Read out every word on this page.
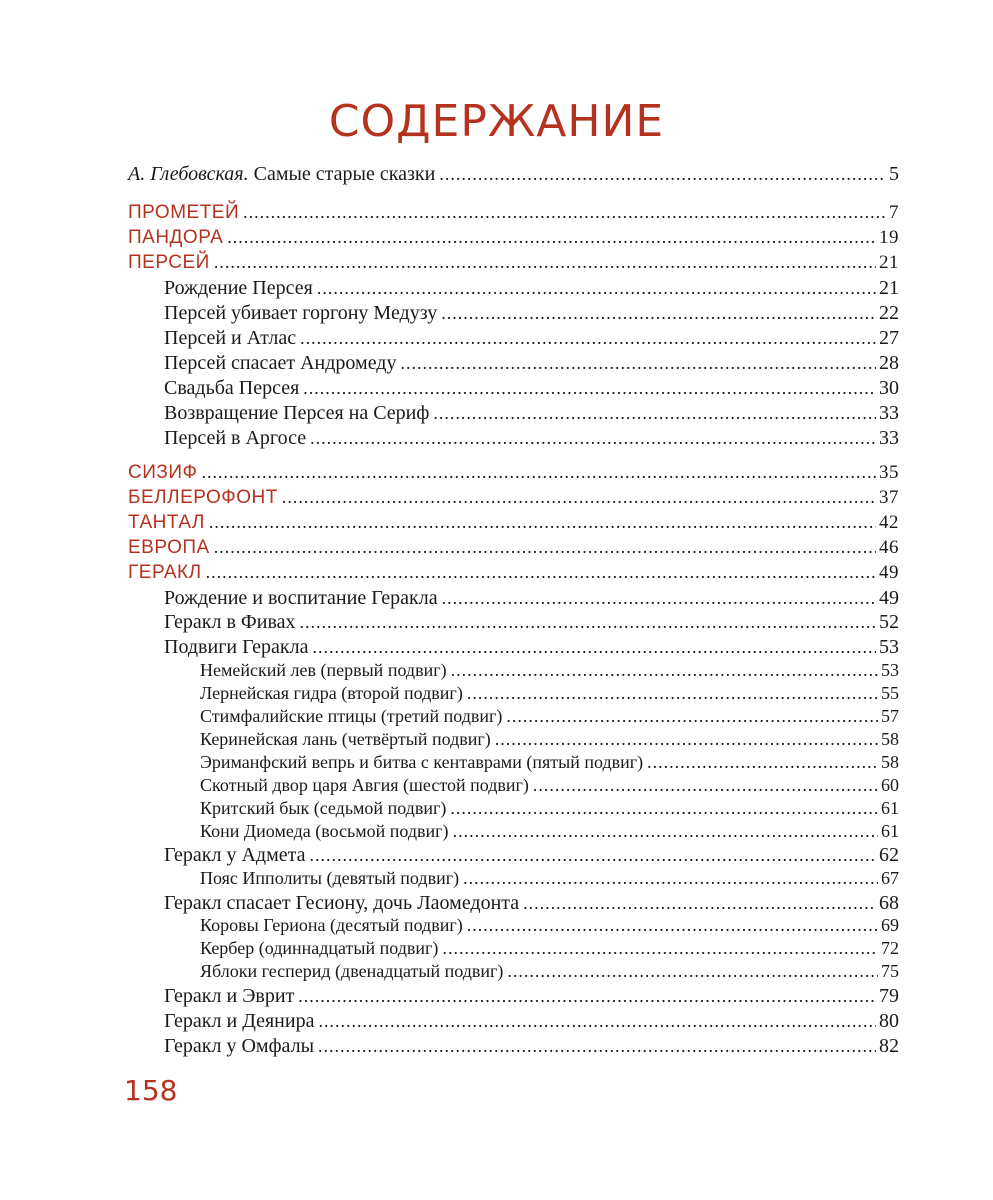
СОДЕРЖАНИЕ
А. Глебовская. Самые старые сказки .....	5
ПРОМЕТЕЙ .....	7
ПАНДОРА .....	19
ПЕРСЕЙ .....	21
Рождение Персея .....	21
Персей убивает горгону Медузу .....	22
Персей и Атлас .....	27
Персей спасает Андромеду .....	28
Свадьба Персея .....	30
Возвращение Персея на Сериф .....	33
Персей в Аргосе .....	33
СИЗИФ .....	35
БЕЛЛЕРОФОНТ .....	37
ТАНТАЛ .....	42
ЕВРОПА .....	46
ГЕРАКЛ .....	49
Рождение и воспитание Геракла .....	49
Геракл в Фивах .....	52
Подвиги Геракла .....	53
Немейский лев (первый подвиг) .....	53
Лернейская гидра (второй подвиг) .....	55
Стимфалийские птицы (третий подвиг) .....	57
Керинейская лань (четвёртый подвиг) .....	58
Эриманфский вепрь и битва с кентаврами (пятый подвиг) .....	58
Скотный двор царя Авгия (шестой подвиг) .....	60
Критский бык (седьмой подвиг) .....	61
Кони Диомеда (восьмой подвиг) .....	61
Геракл у Адмета .....	62
Пояс Ипполиты (девятый подвиг) .....	67
Геракл спасает Гесиону, дочь Лаомедонта .....	68
Коровы Гериона (десятый подвиг) .....	69
Кербер (одиннадцатый подвиг) .....	72
Яблоки гесперид (двенадцатый подвиг) .....	75
Геракл и Эврит .....	79
Геракл и Деянира .....	80
Геракл у Омфалы .....	82
158
